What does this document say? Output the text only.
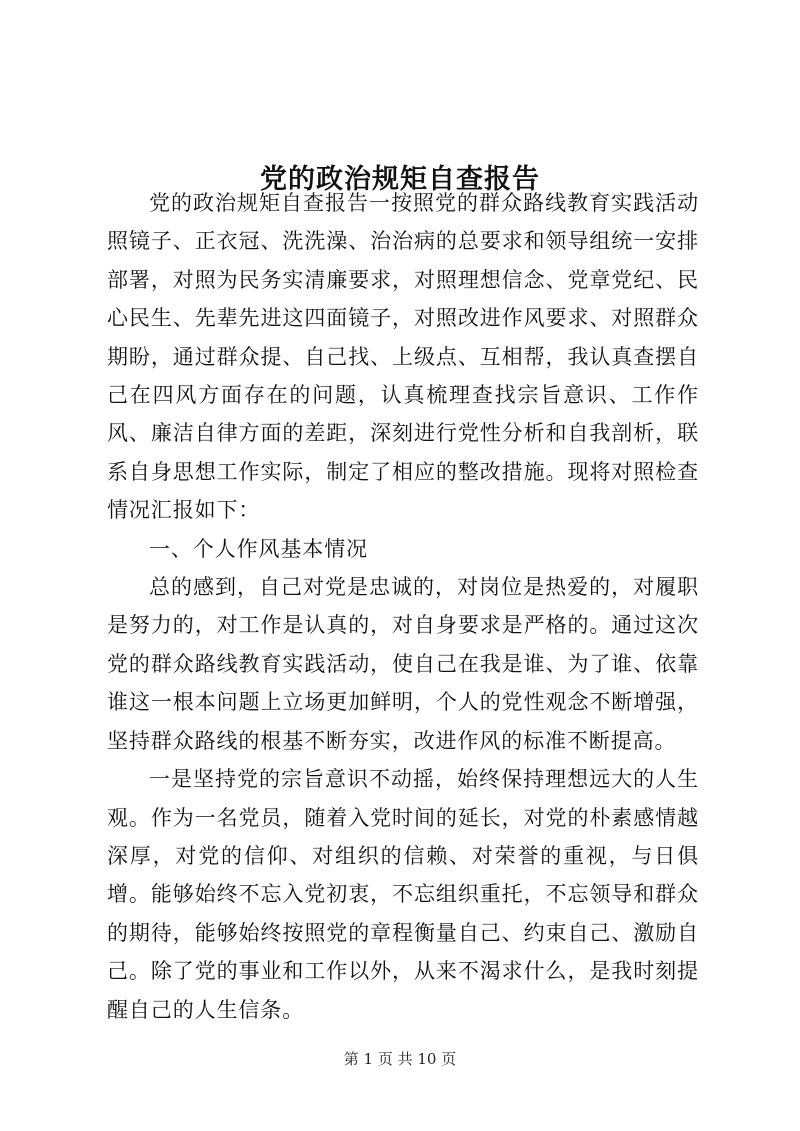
党的政治规矩自查报告

党的政治规矩自查报告一按照党的群众路线教育实践活动照镜子、正衣冠、洗洗澡、治治病的总要求和领导组统一安排部署，对照为民务实清廉要求，对照理想信念、党章党纪、民心民生、先辈先进这四面镜子，对照改进作风要求、对照群众期盼，通过群众提、自己找、上级点、互相帮，我认真查摆自己在四风方面存在的问题，认真梳理查找宗旨意识、工作作风、廉洁自律方面的差距，深刻进行党性分析和自我剖析，联系自身思想工作实际，制定了相应的整改措施。现将对照检查情况汇报如下：

一、个人作风基本情况

总的感到，自己对党是忠诚的，对岗位是热爱的，对履职是努力的，对工作是认真的，对自身要求是严格的。通过这次党的群众路线教育实践活动，使自己在我是谁、为了谁、依靠谁这一根本问题上立场更加鲜明，个人的党性观念不断增强，坚持群众路线的根基不断夯实，改进作风的标准不断提高。

一是坚持党的宗旨意识不动摇，始终保持理想远大的人生观。作为一名党员，随着入党时间的延长，对党的朴素感情越深厚，对党的信仰、对组织的信赖、对荣誉的重视，与日俱增。能够始终不忘入党初衷，不忘组织重托，不忘领导和群众的期待，能够始终按照党的章程衡量自己、约束自己、激励自己。除了党的事业和工作以外，从来不渴求什么，是我时刻提醒自己的人生信条。

第 1 页 共 10 页
